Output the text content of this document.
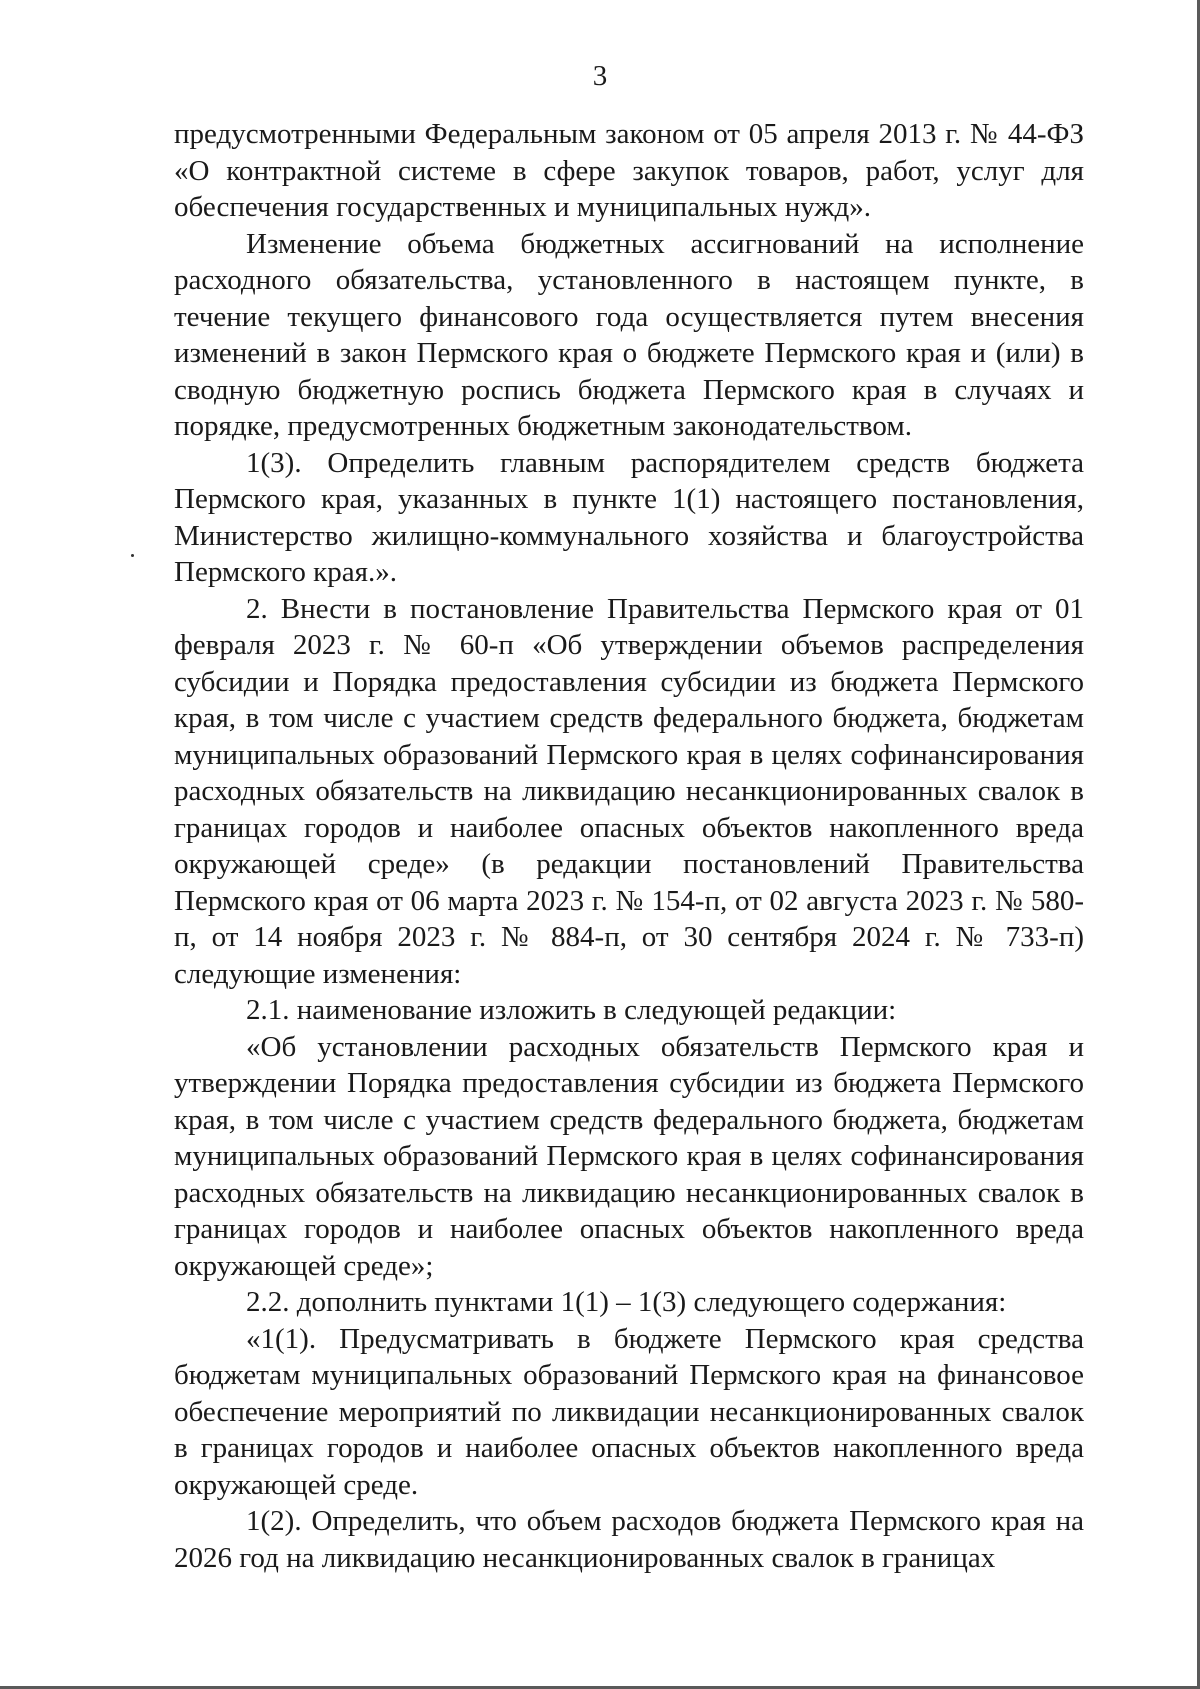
3

предусмотренными Федеральным законом от 05 апреля 2013 г. № 44-ФЗ «О контрактной системе в сфере закупок товаров, работ, услуг для обеспечения государственных и муниципальных нужд».

Изменение объема бюджетных ассигнований на исполнение расходного обязательства, установленного в настоящем пункте, в течение текущего финансового года осуществляется путем внесения изменений в закон Пермского края о бюджете Пермского края и (или) в сводную бюджетную роспись бюджета Пермского края в случаях и порядке, предусмотренных бюджетным законодательством.

1(3). Определить главным распорядителем средств бюджета Пермского края, указанных в пункте 1(1) настоящего постановления, Министерство жилищно-коммунального хозяйства и благоустройства Пермского края.».

2. Внести в постановление Правительства Пермского края от 01 февраля 2023 г. № 60-п «Об утверждении объемов распределения субсидии и Порядка предоставления субсидии из бюджета Пермского края, в том числе с участием средств федерального бюджета, бюджетам муниципальных образований Пермского края в целях софинансирования расходных обязательств на ликвидацию несанкционированных свалок в границах городов и наиболее опасных объектов накопленного вреда окружающей среде» (в редакции постановлений Правительства Пермского края от 06 марта 2023 г. № 154-п, от 02 августа 2023 г. № 580-п, от 14 ноября 2023 г. № 884-п, от 30 сентября 2024 г. № 733-п) следующие изменения:

2.1. наименование изложить в следующей редакции:

«Об установлении расходных обязательств Пермского края и утверждении Порядка предоставления субсидии из бюджета Пермского края, в том числе с участием средств федерального бюджета, бюджетам муниципальных образований Пермского края в целях софинансирования расходных обязательств на ликвидацию несанкционированных свалок в границах городов и наиболее опасных объектов накопленного вреда окружающей среде»;

2.2. дополнить пунктами 1(1) – 1(3) следующего содержания:

«1(1). Предусматривать в бюджете Пермского края средства бюджетам муниципальных образований Пермского края на финансовое обеспечение мероприятий по ликвидации несанкционированных свалок в границах городов и наиболее опасных объектов накопленного вреда окружающей среде.

1(2). Определить, что объем расходов бюджета Пермского края на 2026 год на ликвидацию несанкционированных свалок в границах
